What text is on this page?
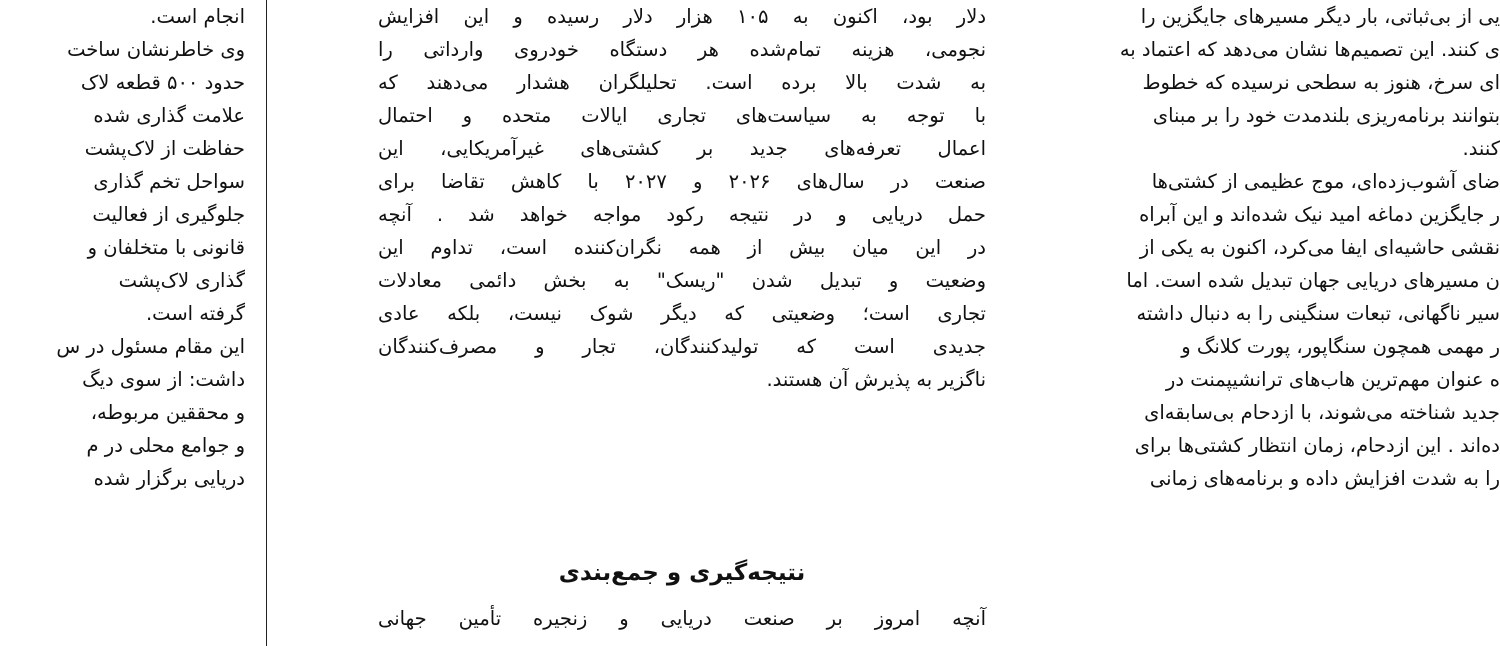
انجام است.
وی خاطرنشان ساخت
حدود ۵۰۰ قطعه لاک
علامت گذاری شده
حفاظت از لاک‌پشت
سواحل تخم گذاری
جلوگیری از فعالیت
قانونی با متخلفان و
گذاری لاک‌پشت
گرفته است.
این مقام مسئول در س
داشت: از سوی دیگ
و محققین مربوطه،
و جوامع محلی در م
دریایی برگزار شده
دلار بود، اکنون به ۱۰۵ هزار دلار رسیده و این افزایش
نجومی، هزینه تمام‌شده هر دستگاه خودروی وارداتی را
به شدت بالا برده است. تحلیلگران هشدار می‌دهند که
با توجه به سیاست‌های تجاری ایالات متحده و احتمال
اعمال تعرفه‌های جدید بر کشتی‌های غیرآمریکایی، این
صنعت در سال‌های ۲۰۲۶ و ۲۰۲۷ با کاهش تقاضا برای
حمل دریایی و در نتیجه رکود مواجه خواهد شد . آنچه
در این میان بیش از همه نگران‌کننده است، تداوم این
وضعیت و تبدیل شدن "ریسک" به بخش دائمی معادلات
تجاری است؛ وضعیتی که دیگر شوک نیست، بلکه عادی
جدیدی است که تولیدکنندگان، تجار و مصرف‌کنندگان
ناگزیر به پذیرش آن هستند.
نتیجه‌گیری و جمع‌بندی
آنچه امروز بر صنعت دریایی و زنجیره تأمین جهانی
یی از بی‌ثباتی، بار دیگر مسیرهای جایگزین را
ی کنند. این تصمیم‌ها نشان می‌دهد که اعتماد به
ای سرخ، هنوز به سطحی نرسیده که خطوط
بتوانند برنامه‌ریزی بلندمدت خود را بر مبنای
کنند.
ضای آشوب‌زده‌ای، موج عظیمی از کشتی‌ها
ر جایگزین دماغه امید نیک شده‌اند و این آبراه
نقشی حاشیه‌ای ایفا می‌کرد، اکنون به یکی از
ن مسیرهای دریایی جهان تبدیل شده است. اما
سیر ناگهانی، تبعات سنگینی را به دنبال داشته
ر مهمی همچون سنگاپور، پورت کلانگ و
ه عنوان مهم‌ترین هاب‌های ترانشیپمنت در
جدید شناخته می‌شوند، با ازدحام بی‌سابقه‌ای
ده‌اند . این ازدحام، زمان انتظار کشتی‌ها برای
را به شدت افزایش داده و برنامه‌های زمانی
